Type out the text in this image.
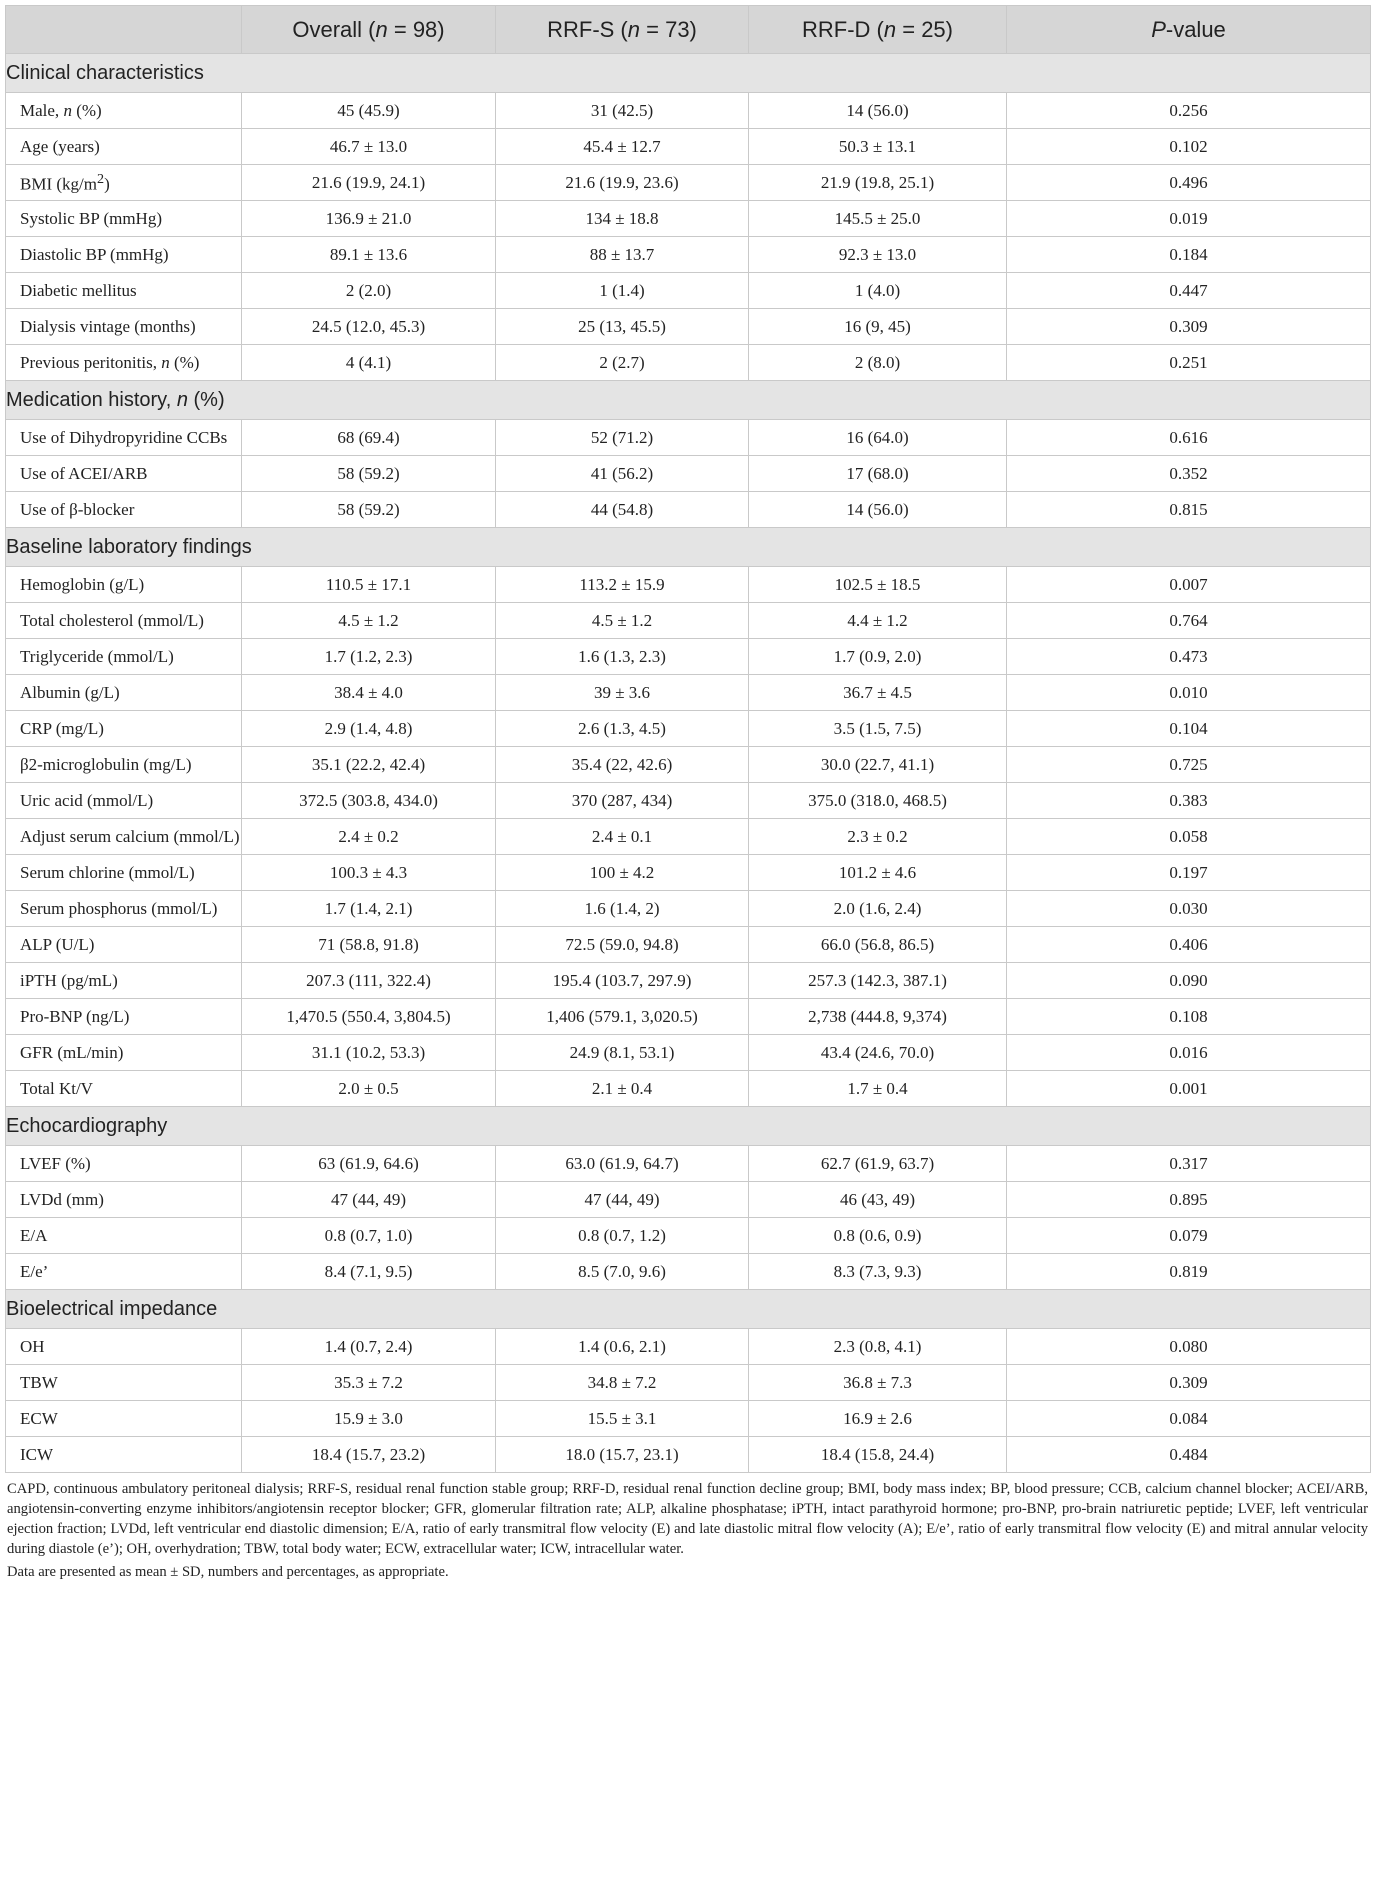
	Overall (n = 98)	RRF-S (n = 73)	RRF-D (n = 25)	P-value
Clinical characteristics				
Male, n (%)	45 (45.9)	31 (42.5)	14 (56.0)	0.256
Age (years)	46.7 ± 13.0	45.4 ± 12.7	50.3 ± 13.1	0.102
BMI $(kg/m^2)$	21.6 (19.9, 24.1)	21.6 (19.9, 23.6)	21.9 (19.8, 25.1)	0.496
Systolic BP (mmHg)	136.9 ± 21.0	134 ± 18.8	145.5 ± 25.0	0.019
Diastolic BP (mmHg)	89.1 ± 13.6	88 ± 13.7	92.3 ± 13.0	0.184
Diabetic mellitus	2 (2.0)	1 (1.4)	1 (4.0)	0.447
Dialysis vintage (months)	24.5 (12.0, 45.3)	25 (13, 45.5)	16 (9, 45)	0.309
Previous peritonitis, n (%)	4 (4.1)	2 (2.7)	2 (8.0)	0.251
Medication history, n (%)				
Use of Dihydropyridine CCBs	68 (69.4)	52 (71.2)	16 (64.0)	0.616
Use of ACEI/ARB	58 (59.2)	41 (56.2)	17 (68.0)	0.352
Use of β-blocker	58 (59.2)	44 (54.8)	14 (56.0)	0.815
Baseline laboratory findings				
Hemoglobin (g/L)	110.5 ± 17.1	113.2 ± 15.9	102.5 ± 18.5	0.007
Total cholesterol (mmol/L)	4.5 ± 1.2	4.5 ± 1.2	4.4 ± 1.2	0.764
Triglyceride (mmol/L)	1.7 (1.2, 2.3)	1.6 (1.3, 2.3)	1.7 (0.9, 2.0)	0.473
Albumin (g/L)	38.4 ± 4.0	39 ± 3.6	36.7 ± 4.5	0.010
CRP (mg/L)	2.9 (1.4, 4.8)	2.6 (1.3, 4.5)	3.5 (1.5, 7.5)	0.104
β2-microglobulin (mg/L)	35.1 (22.2, 42.4)	35.4 (22, 42.6)	30.0 (22.7, 41.1)	0.725
Uric acid (mmol/L)	372.5 (303.8, 434.0)	370 (287, 434)	375.0 (318.0, 468.5)	0.383
Adjust serum calcium (mmol/L)	2.4 ± 0.2	2.4 ± 0.1	2.3 ± 0.2	0.058
Serum chlorine (mmol/L)	100.3 ± 4.3	100 ± 4.2	101.2 ± 4.6	0.197
Serum phosphorus (mmol/L)	1.7 (1.4, 2.1)	1.6 (1.4, 2)	2.0 (1.6, 2.4)	0.030
ALP (U/L)	71 (58.8, 91.8)	72.5 (59.0, 94.8)	66.0 (56.8, 86.5)	0.406
iPTH (pg/mL)	207.3 (111, 322.4)	195.4 (103.7, 297.9)	257.3 (142.3, 387.1)	0.090
Pro-BNP (ng/L)	1,470.5 (550.4, 3,804.5)	1,406 (579.1, 3,020.5)	2,738 (444.8, 9,374)	0.108
GFR (mL/min)	31.1 (10.2, 53.3)	24.9 (8.1, 53.1)	43.4 (24.6, 70.0)	0.016
Total Kt/V	2.0 ± 0.5	2.1 ± 0.4	1.7 ± 0.4	0.001
Echocardiography				
LVEF (%)	63 (61.9, 64.6)	63.0 (61.9, 64.7)	62.7 (61.9, 63.7)	0.317
LVDd (mm)	47 (44, 49)	47 (44, 49)	46 (43, 49)	0.895
E/A	0.8 (0.7, 1.0)	0.8 (0.7, 1.2)	0.8 (0.6, 0.9)	0.079
E/e’	8.4 (7.1, 9.5)	8.5 (7.0, 9.6)	8.3 (7.3, 9.3)	0.819
Bioelectrical impedance				
OH	1.4 (0.7, 2.4)	1.4 (0.6, 2.1)	2.3 (0.8, 4.1)	0.080
TBW	35.3 ± 7.2	34.8 ± 7.2	36.8 ± 7.3	0.309
ECW	15.9 ± 3.0	15.5 ± 3.1	16.9 ± 2.6	0.084
ICW	18.4 (15.7, 23.2)	18.0 (15.7, 23.1)	18.4 (15.8, 24.4)	0.484

CAPD, continuous ambulatory peritoneal dialysis; RRF-S, residual renal function stable group; RRF-D, residual renal function decline group; BMI, body mass index; BP, blood pressure; CCB, calcium channel blocker; ACEI/ARB, angiotensin-converting enzyme inhibitors/angiotensin receptor blocker; GFR, glomerular filtration rate; ALP, alkaline phosphatase; iPTH, intact parathyroid hormone; pro-BNP, pro-brain natriuretic peptide; LVEF, left ventricular ejection fraction; LVDd, left ventricular end diastolic dimension; E/A, ratio of early transmitral flow velocity (E) and late diastolic mitral flow velocity (A); E/e’, ratio of early transmitral flow velocity (E) and mitral annular velocity during diastole (e’); OH, overhydration; TBW, total body water; ECW, extracellular water; ICW, intracellular water.

Data are presented as mean ± SD, numbers and percentages, as appropriate.
